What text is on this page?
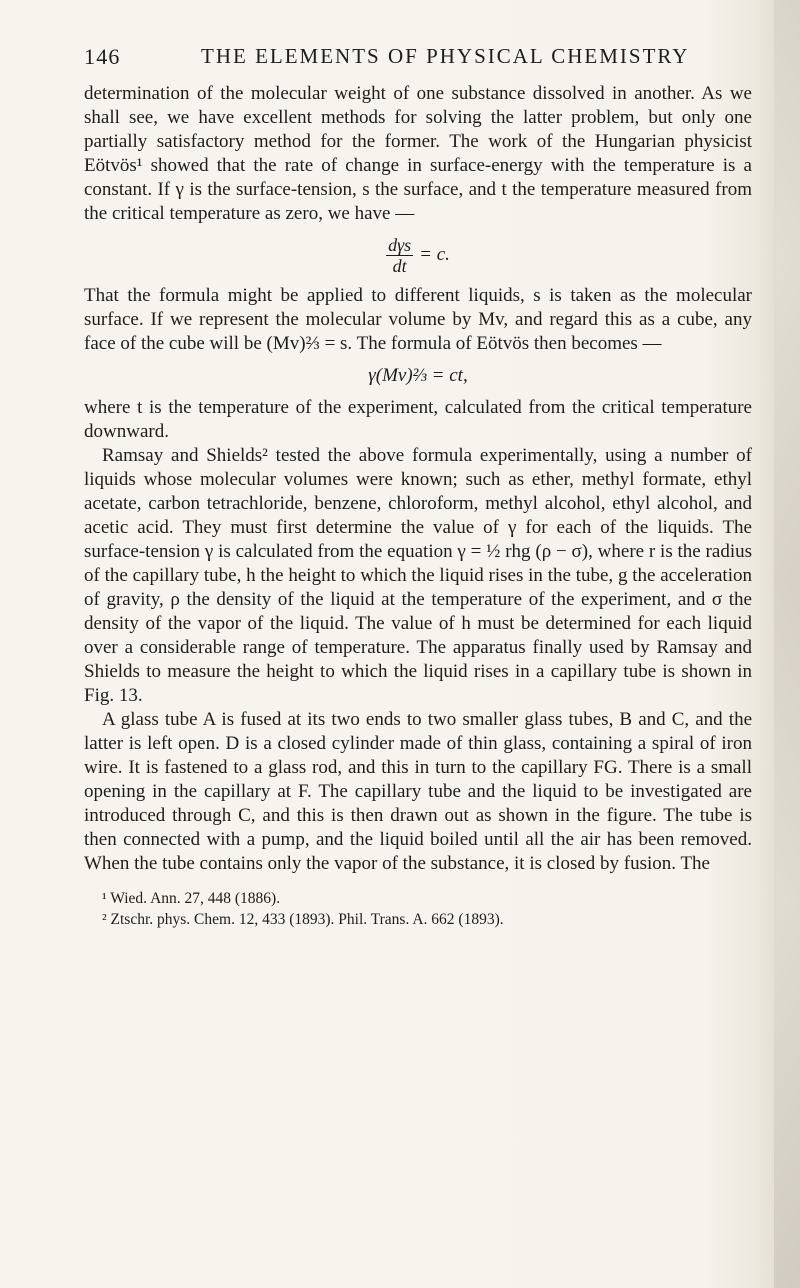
146	THE ELEMENTS OF PHYSICAL CHEMISTRY

determination of the molecular weight of one substance dissolved in another. As we shall see, we have excellent methods for solving the latter problem, but only one partially satisfactory method for the former. The work of the Hungarian physicist Eötvös¹ showed that the rate of change in surface-energy with the temperature is a constant. If γ is the surface-tension, s the surface, and t the temperature measured from the critical temperature as zero, we have —

$\frac{\text{dγs}}{dt} = c$.

That the formula might be applied to different liquids, s is taken as the molecular surface. If we represent the molecular volume by Mv, and regard this as a cube, any face of the cube will be (Mv)⅔ = s. The formula of Eötvös then becomes —

γ(Mv)⅔ = ct,

where t is the temperature of the experiment, calculated from the critical temperature downward.

Ramsay and Shields² tested the above formula experimentally, using a number of liquids whose molecular volumes were known; such as ether, methyl formate, ethyl acetate, carbon tetrachloride, benzene, chloroform, methyl alcohol, ethyl alcohol, and acetic acid. They must first determine the value of γ for each of the liquids. The surface-tension γ is calculated from the equation γ = ½ rhg (ρ − σ), where r is the radius of the capillary tube, h the height to which the liquid rises in the tube, g the acceleration of gravity, ρ the density of the liquid at the temperature of the experiment, and σ the density of the vapor of the liquid. The value of h must be determined for each liquid over a considerable range of temperature. The apparatus finally used by Ramsay and Shields to measure the height to which the liquid rises in a capillary tube is shown in Fig. 13.

A glass tube A is fused at its two ends to two smaller glass tubes, B and C, and the latter is left open. D is a closed cylinder made of thin glass, containing a spiral of iron wire. It is fastened to a glass rod, and this in turn to the capillary FG. There is a small opening in the capillary at F. The capillary tube and the liquid to be investigated are introduced through C, and this is then drawn out as shown in the figure. The tube is then connected with a pump, and the liquid boiled until all the air has been removed. When the tube contains only the vapor of the substance, it is closed by fusion. The

¹ Wied. Ann. 27, 448 (1886).

² Ztschr. phys. Chem. 12, 433 (1893). Phil. Trans. A. 662 (1893).
